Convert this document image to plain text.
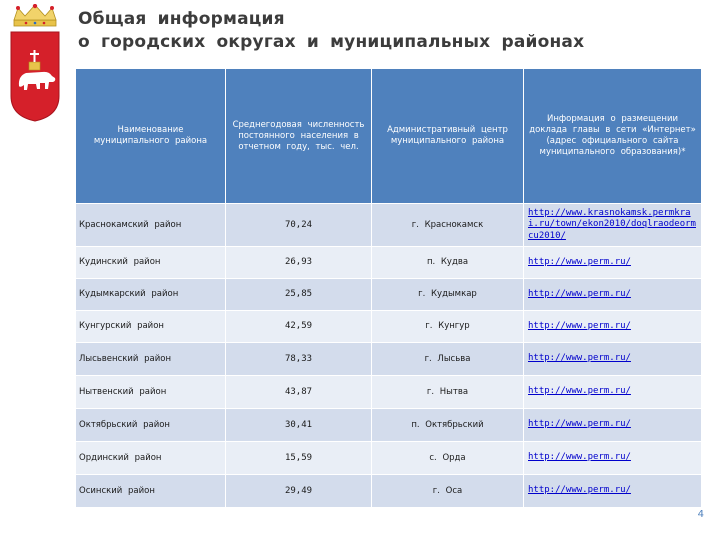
Общая информация
о городских округах и муниципальных районах
Наименование муниципального района	Среднегодовая численность постоянного населения в отчетном году, тыс. чел.	Административный центр муниципального района	Информация о размещении доклада главы в сети «Интернет» (адрес официального сайта муниципального образования)*
Краснокамский район	70,24	г. Краснокамск	http://www.krasnokamsk.permkrai.ru/town/ekon2010/doqlraodeormcu2010/
Кудинский район	26,93	п. Кудва	http://www.perm.ru/
Кудымкарский район	25,85	г. Кудымкар	http://www.perm.ru/
Кунгурский район	42,59	г. Кунгур	http://www.perm.ru/
Лысьвенский район	78,33	г. Лысьва	http://www.perm.ru/
Нытвенский район	43,87	г. Нытва	http://www.perm.ru/
Октябрьский район	30,41	п. Октябрьский	http://www.perm.ru/
Ординский район	15,59	с. Орда	http://www.perm.ru/
Осинский район	29,49	г. Оса	http://www.perm.ru/
4
